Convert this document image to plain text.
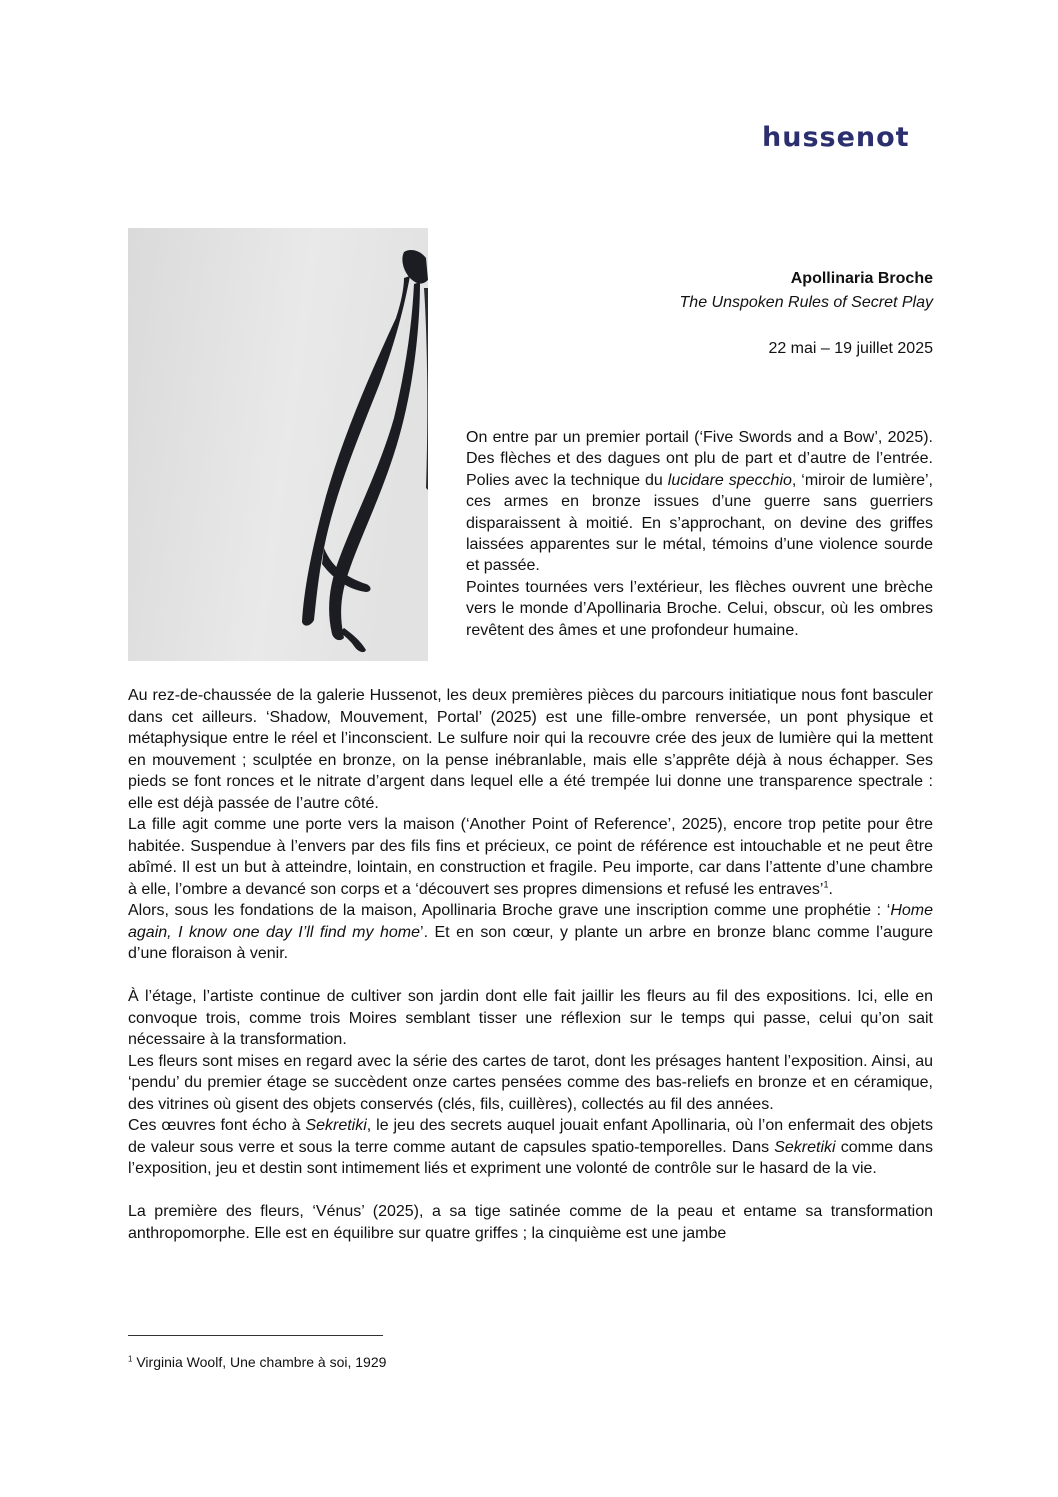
hussenot
Apollinaria Broche
The Unspoken Rules of Secret Play
22 mai – 19 juillet 2025

On entre par un premier portail (‘Five Swords and a Bow’, 2025). Des flèches et des dagues ont plu de part et d’autre de l’entrée. Polies avec la technique du lucidare specchio, ‘miroir de lumière’, ces armes en bronze issues d’une guerre sans guerriers disparaissent à moitié. En s’approchant, on devine des griffes laissées apparentes sur le métal, témoins d’une violence sourde et passée.

Pointes tournées vers l’extérieur, les flèches ouvrent une brèche vers le monde d’Apollinaria Broche. Celui, obscur, où les ombres revêtent des âmes et une profondeur humaine.

Au rez-de-chaussée de la galerie Hussenot, les deux premières pièces du parcours initiatique nous font basculer dans cet ailleurs. ‘Shadow, Mouvement, Portal’ (2025) est une fille-ombre renversée, un pont physique et métaphysique entre le réel et l’inconscient. Le sulfure noir qui la recouvre crée des jeux de lumière qui la mettent en mouvement ; sculptée en bronze, on la pense inébranlable, mais elle s’apprête déjà à nous échapper. Ses pieds se font ronces et le nitrate d’argent dans lequel elle a été trempée lui donne une transparence spectrale : elle est déjà passée de l’autre côté.

La fille agit comme une porte vers la maison (‘Another Point of Reference’, 2025), encore trop petite pour être habitée. Suspendue à l’envers par des fils fins et précieux, ce point de référence est intouchable et ne peut être abîmé. Il est un but à atteindre, lointain, en construction et fragile. Peu importe, car dans l’attente d’une chambre à elle, l’ombre a devancé son corps et a ‘découvert ses propres dimensions et refusé les entraves’$^1$.

Alors, sous les fondations de la maison, Apollinaria Broche grave une inscription comme une prophétie : ‘Home again, I know one day I’ll find my home’. Et en son cœur, y plante un arbre en bronze blanc comme l’augure d’une floraison à venir.

À l’étage, l’artiste continue de cultiver son jardin dont elle fait jaillir les fleurs au fil des expositions. Ici, elle en convoque trois, comme trois Moires semblant tisser une réflexion sur le temps qui passe, celui qu’on sait nécessaire à la transformation.

Les fleurs sont mises en regard avec la série des cartes de tarot, dont les présages hantent l’exposition. Ainsi, au ‘pendu’ du premier étage se succèdent onze cartes pensées comme des bas-reliefs en bronze et en céramique, des vitrines où gisent des objets conservés (clés, fils, cuillères), collectés au fil des années.

Ces œuvres font écho à Sekretiki, le jeu des secrets auquel jouait enfant Apollinaria, où l’on enfermait des objets de valeur sous verre et sous la terre comme autant de capsules spatio-temporelles. Dans Sekretiki comme dans l’exposition, jeu et destin sont intimement liés et expriment une volonté de contrôle sur le hasard de la vie.

La première des fleurs, ‘Vénus’ (2025), a sa tige satinée comme de la peau et entame sa transformation anthropomorphe. Elle est en équilibre sur quatre griffes ; la cinquième est une jambe

$^1$ Virginia Woolf, Une chambre à soi, 1929
